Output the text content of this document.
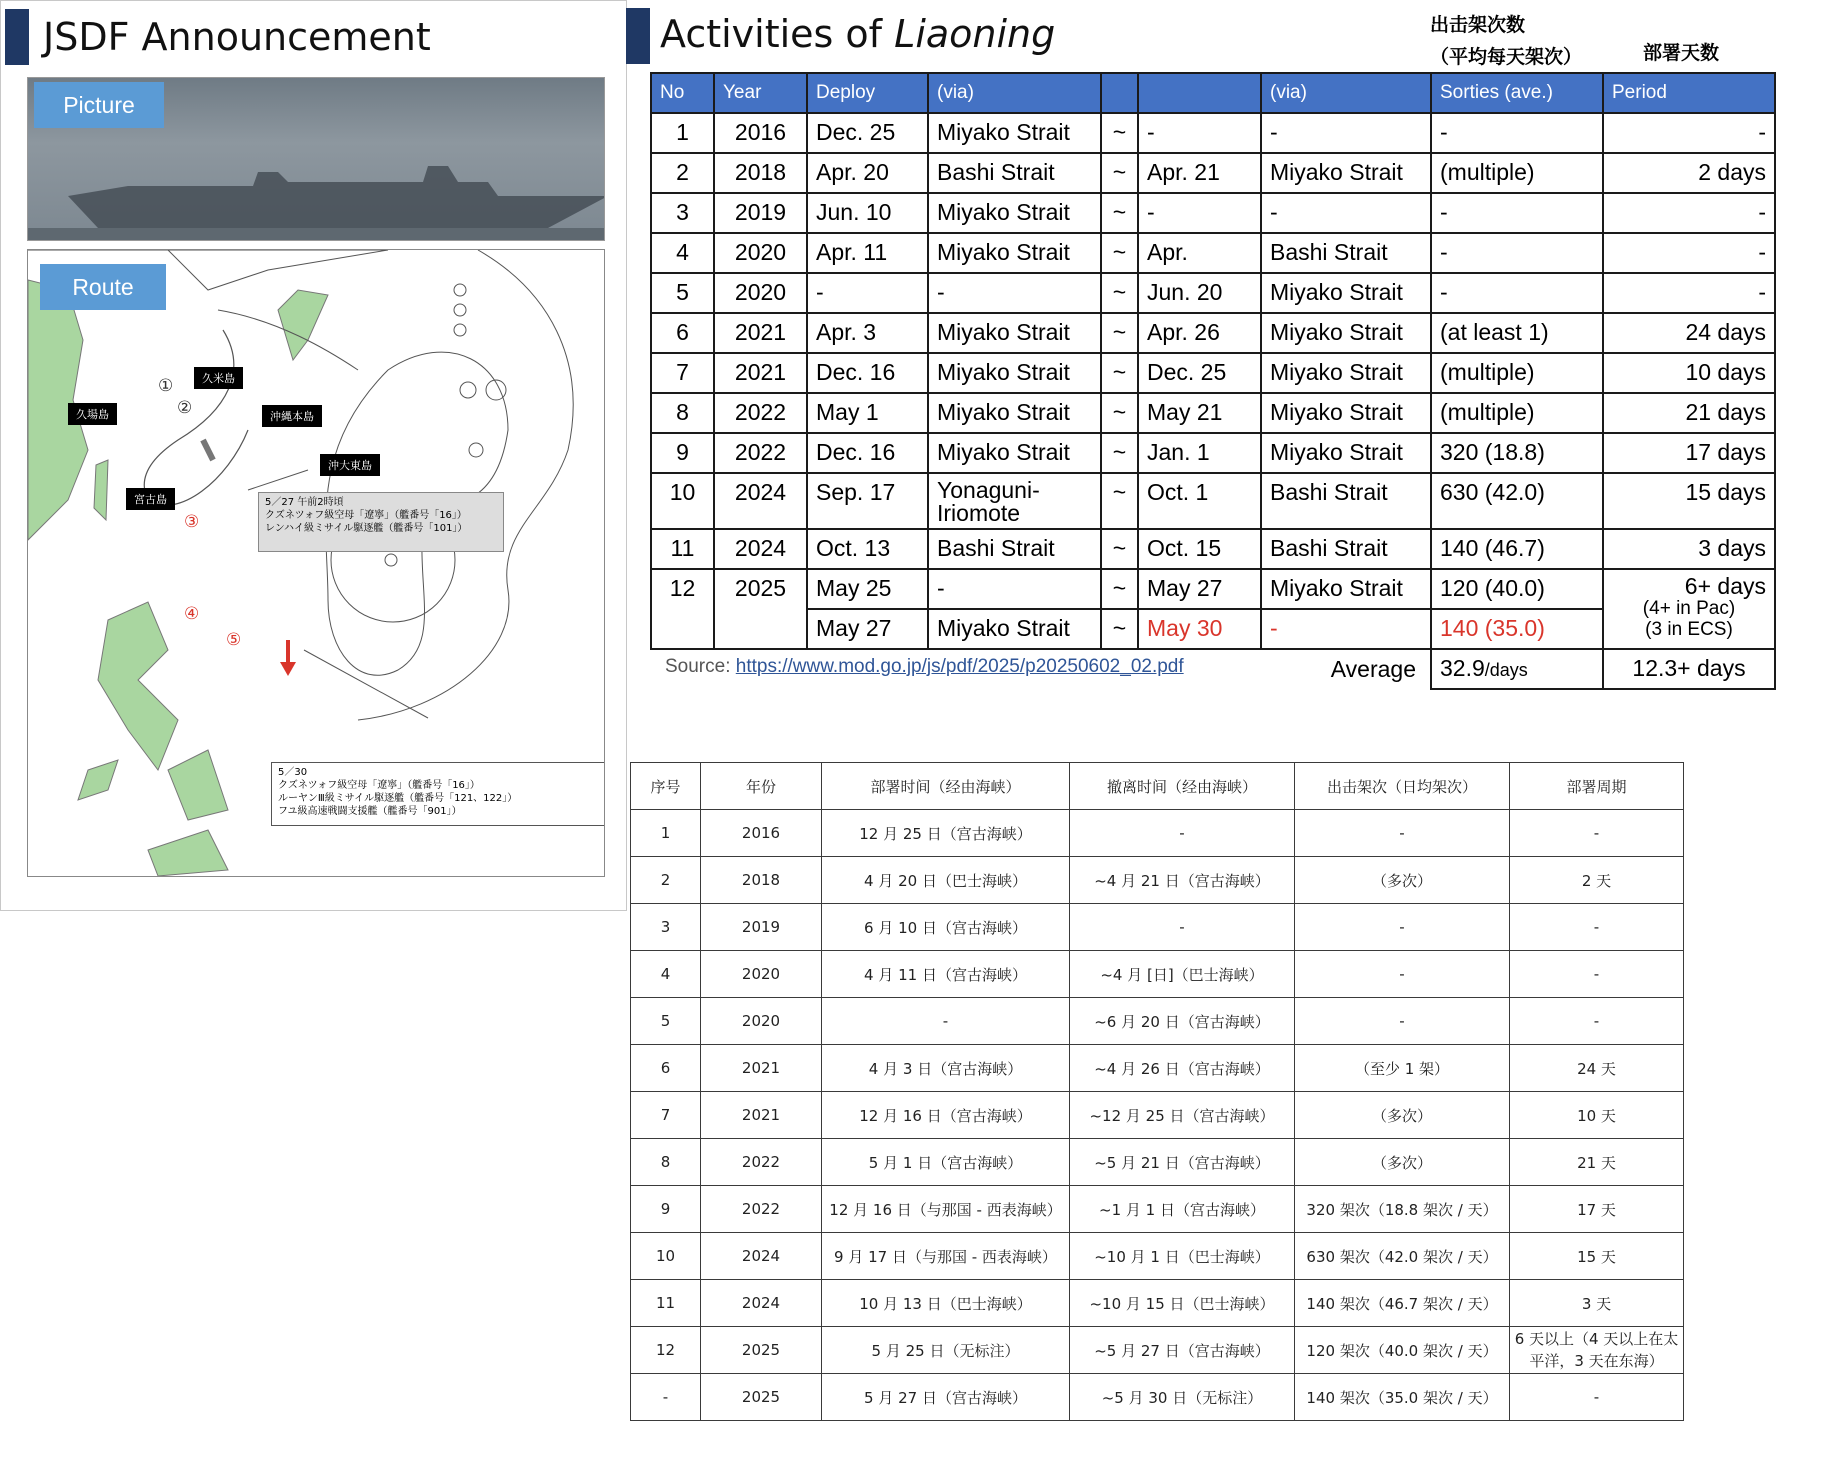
JSDF Announcement
Picture
Route
久米島
久場島	沖縄本島
沖大東島
宮古島
①
②
③
④
⑤
5／27 午前2時頃
クズネツォフ級空母「遼寧」（艦番号「16」）
レンハイ級ミサイル駆逐艦（艦番号「101」）
5／30
クズネツォフ級空母「遼寧」（艦番号「16」）
ルーヤンⅢ級ミサイル駆逐艦（艦番号「121、122」）
フユ級高速戦闘支援艦（艦番号「901」）
Activities of Liaoning	出击架次数
（平均每天架次）	部署天数
No	Year	Deploy	(via)			(via)	Sorties (ave.)	Period
1	2016	Dec. 25	Miyako Strait	~	-	-	-	-
2	2018	Apr. 20	Bashi Strait	~	Apr. 21	Miyako Strait	(multiple)	2 days
3	2019	Jun. 10	Miyako Strait	~	-	-	-	-
4	2020	Apr. 11	Miyako Strait	~	Apr.	Bashi Strait	-	-
5	2020	-	-	~	Jun. 20	Miyako Strait	-	-
6	2021	Apr. 3	Miyako Strait	~	Apr. 26	Miyako Strait	(at least 1)	24 days
7	2021	Dec. 16	Miyako Strait	~	Dec. 25	Miyako Strait	(multiple)	10 days
8	2022	May 1	Miyako Strait	~	May 21	Miyako Strait	(multiple)	21 days
9	2022	Dec. 16	Miyako Strait	~	Jan. 1	Miyako Strait	320 (18.8)	17 days
10	2024	Sep. 17	Yonaguni- Iriomote	~	Oct. 1	Bashi Strait	630 (42.0)	15 days
11	2024	Oct. 13	Bashi Strait	~	Oct. 15	Bashi Strait	140 (46.7)	3 days
12	2025	May 25	-	~	May 27	Miyako Strait	120 (40.0)	6+ days
(4+ in Pac)
(3 in ECS)

		May 27	Miyako Strait	~	May 30	-	140 (35.0)	

Source: https://www.mod.go.jp/js/pdf/2025/p20250602_02.pdf Average							32.9/days	12.3+ days
序号	年份	部署时间（经由海峡）	撤离时间（经由海峡）	出击架次（日均架次）	部署周期
1	2016	12 月 25 日（宫古海峡）	-	-	-
2	2018	4 月 20 日（巴士海峡）	~4 月 21 日（宫古海峡）	（多次）	2 天
3	2019	6 月 10 日（宫古海峡）	-	-	-
4	2020	4 月 11 日（宫古海峡）	~4 月 [日]（巴士海峡）	-	-
5	2020	-	~6 月 20 日（宫古海峡）	-	-
6	2021	4 月 3 日（宫古海峡）	~4 月 26 日（宫古海峡）	（至少 1 架）	24 天
7	2021	12 月 16 日（宫古海峡）	~12 月 25 日（宫古海峡）	（多次）	10 天
8	2022	5 月 1 日（宫古海峡）	~5 月 21 日（宫古海峡）	（多次）	21 天
9	2022	12 月 16 日（与那国 - 西表海峡）	~1 月 1 日（宫古海峡）	320 架次（18.8 架次 / 天）	17 天
10	2024	9 月 17 日（与那国 - 西表海峡）	~10 月 1 日（巴士海峡）	630 架次（42.0 架次 / 天）	15 天
11	2024	10 月 13 日（巴士海峡）	~10 月 15 日（巴士海峡）	140 架次（46.7 架次 / 天）	3 天
12	2025	5 月 25 日（无标注）	~5 月 27 日（宫古海峡）	120 架次（40.0 架次 / 天）	6 天以上（4 天以上在太平洋，3 天在东海）
-	2025	5 月 27 日（宫古海峡）	~5 月 30 日（无标注）	140 架次（35.0 架次 / 天）	-
